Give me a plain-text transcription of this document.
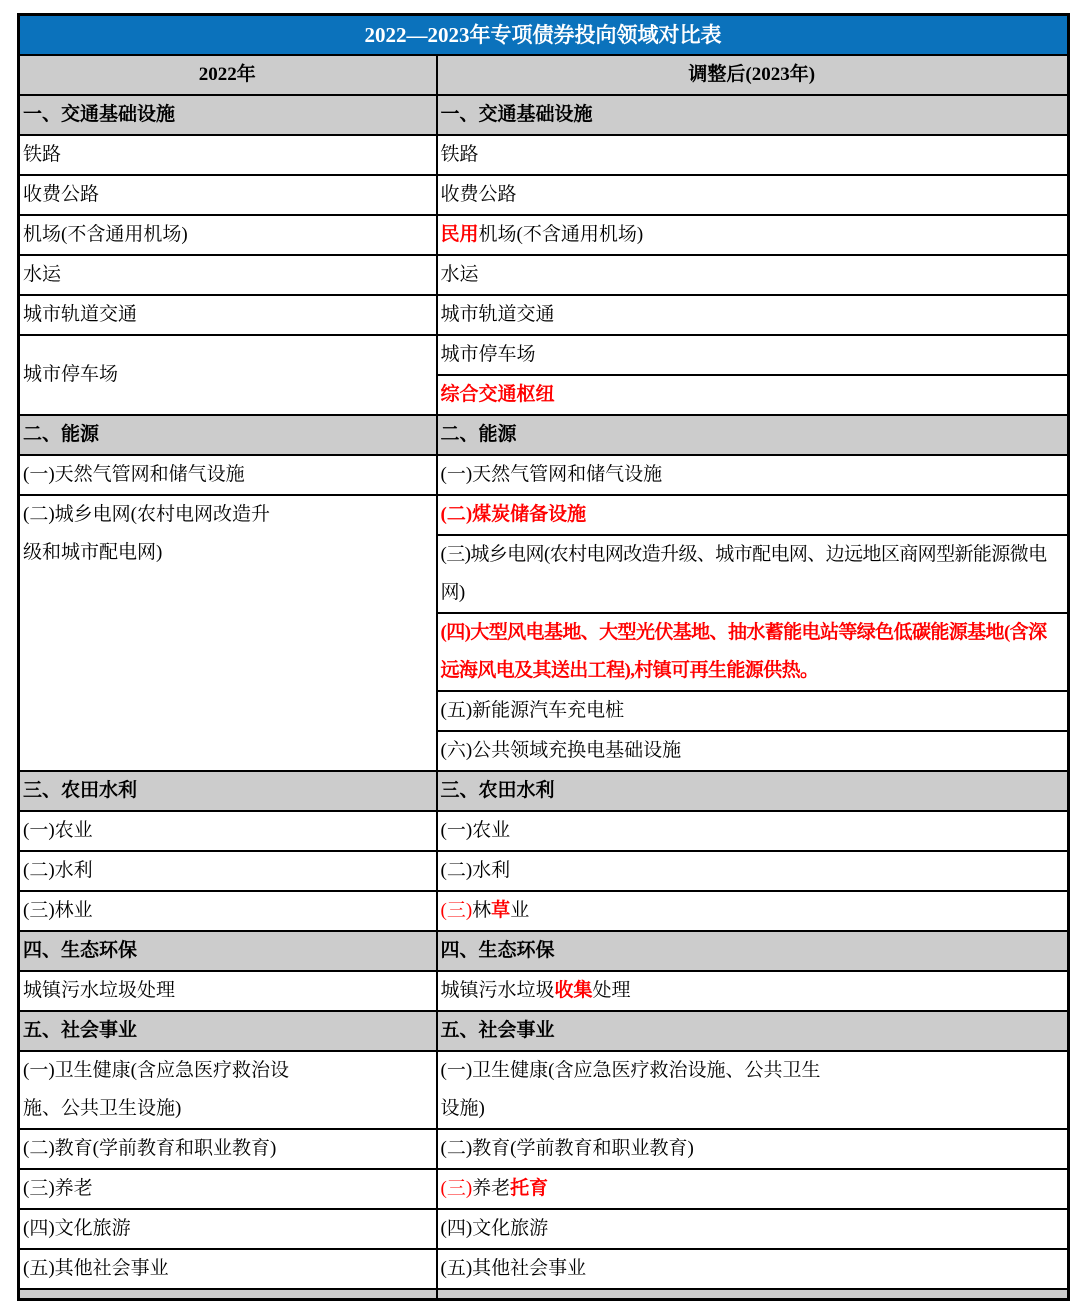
2022—2023年专项债券投向领域对比表	
2022年	调整后(2023年)
一、交通基础设施	一、交通基础设施
铁路	铁路
收费公路	收费公路
机场(不含通用机场)	民用机场(不含通用机场)
水运	水运
城市轨道交通	城市轨道交通
城市停车场	城市停车场
	综合交通枢纽
二、能源	二、能源
(一)天然气管网和储气设施	(一)天然气管网和储气设施
(二)城乡电网(农村电网改造升级和城市配电网)	(二)煤炭储备设施
	(三)城乡电网(农村电网改造升级、城市配电网、边远地区商网型新能源微电网)
	(四)大型风电基地、大型光伏基地、抽水蓄能电站等绿色低碳能源基地(含深远海风电及其送出工程),村镇可再生能源供热。
	(五)新能源汽车充电桩
	(六)公共领域充换电基础设施
三、农田水利	三、农田水利
(一)农业	(一)农业
(二)水利	(二)水利
(三)林业	(三)林草业
四、生态环保	四、生态环保
城镇污水垃圾处理	城镇污水垃圾收集处理
五、社会事业	五、社会事业
(一)卫生健康(含应急医疗救治设施、公共卫生设施)	(一)卫生健康(含应急医疗救治设施、公共卫生设施)
(二)教育(学前教育和职业教育)	(二)教育(学前教育和职业教育)
(三)养老	(三)养老托育
(四)文化旅游	(四)文化旅游
(五)其他社会事业	(五)其他社会事业
